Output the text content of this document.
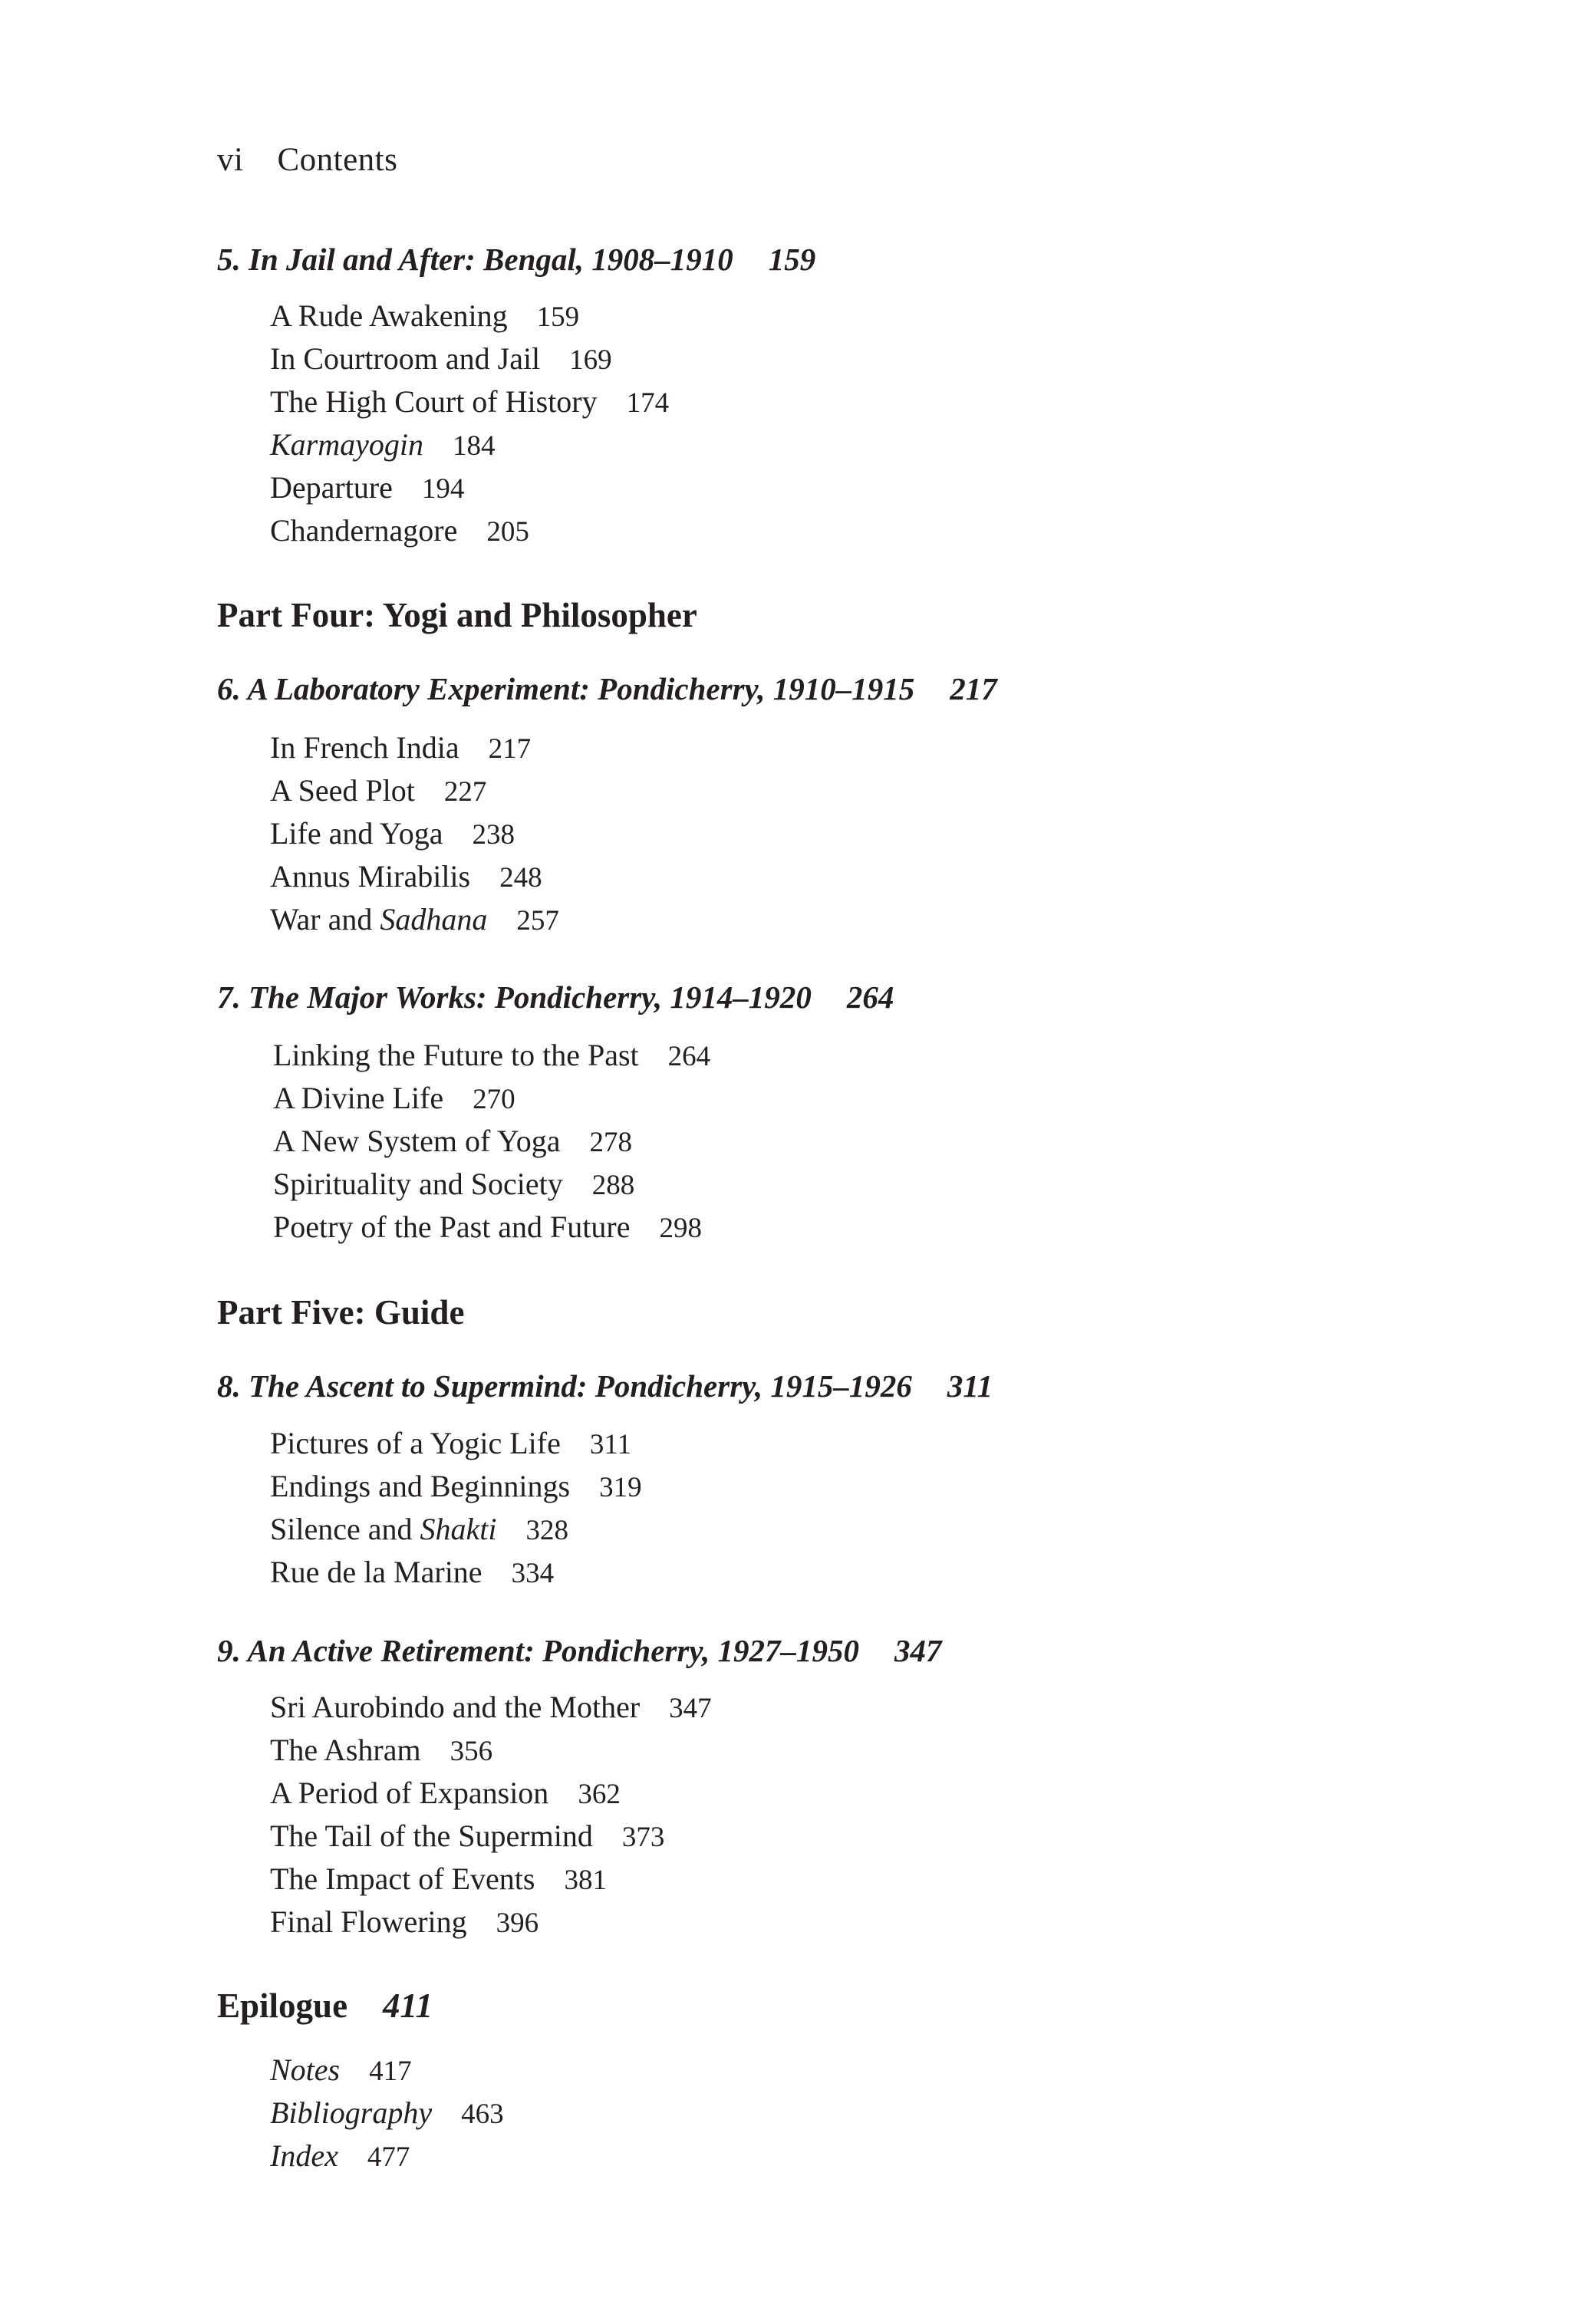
vi Contents
5. In Jail and After: Bengal, 1908–1910 159
A Rude Awakening 159
In Courtroom and Jail 169
The High Court of History 174
Karmayogin 184
Departure 194
Chandernagore 205
Part Four: Yogi and Philosopher
6. A Laboratory Experiment: Pondicherry, 1910–1915 217
In French India 217
A Seed Plot 227
Life and Yoga 238
Annus Mirabilis 248
War and Sadhana 257
7. The Major Works: Pondicherry, 1914–1920 264
Linking the Future to the Past 264
A Divine Life 270
A New System of Yoga 278
Spirituality and Society 288
Poetry of the Past and Future 298
Part Five: Guide
8. The Ascent to Supermind: Pondicherry, 1915–1926 311
Pictures of a Yogic Life 311
Endings and Beginnings 319
Silence and Shakti 328
Rue de la Marine 334
9. An Active Retirement: Pondicherry, 1927–1950 347
Sri Aurobindo and the Mother 347
The Ashram 356
A Period of Expansion 362
The Tail of the Supermind 373
The Impact of Events 381
Final Flowering 396
Epilogue 411
Notes 417
Bibliography 463
Index 477
